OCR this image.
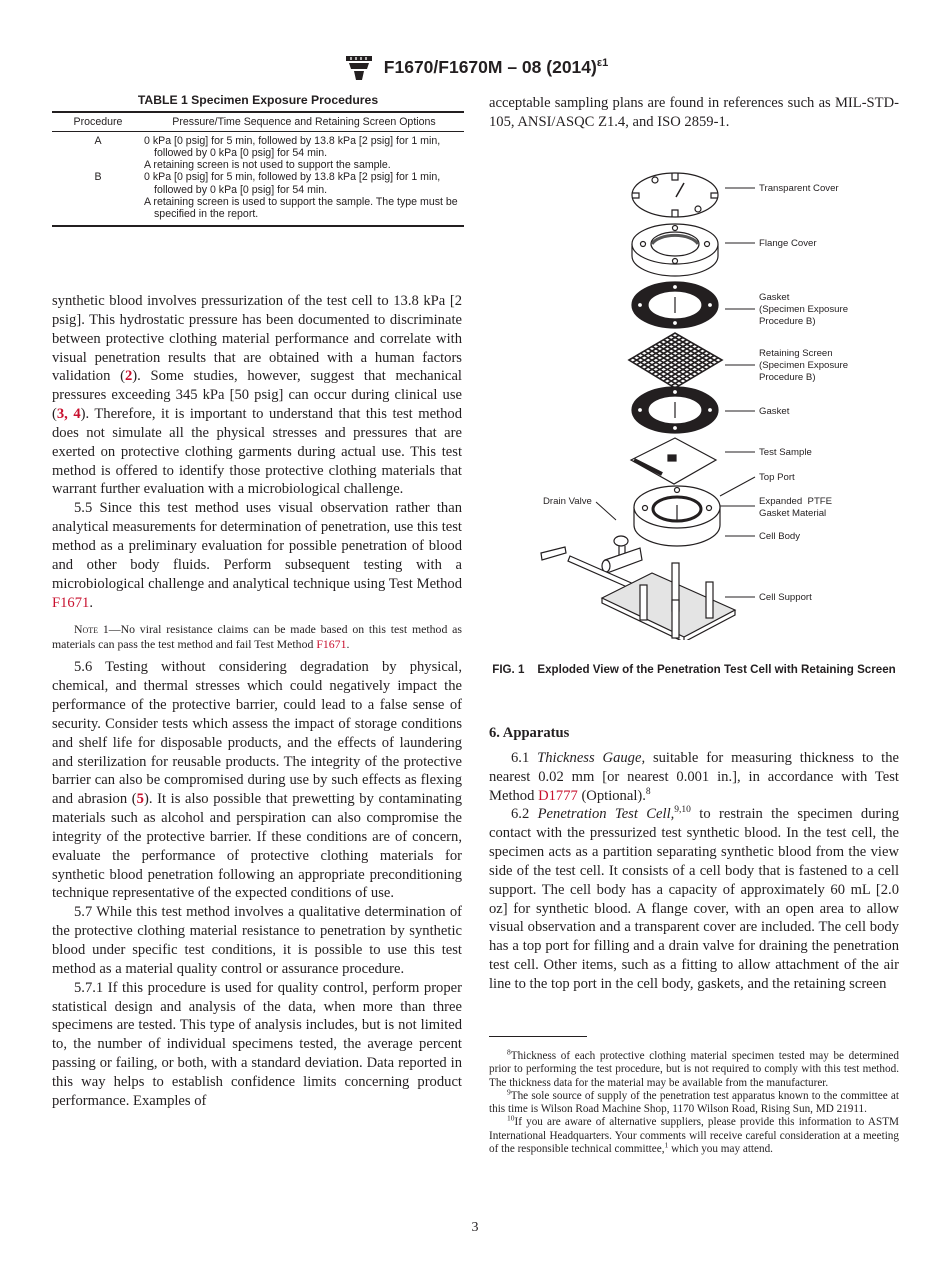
F1670/F1670M – 08 $(2014)^{\varepsilon 1}$
TABLE 1 Specimen Exposure Procedures
Procedure	Pressure/Time Sequence and Retaining Screen Options
A	0 kPa [0 psig] for 5 min, followed by 13.8 kPa [2 psig] for 1 min, followed by 0 kPa [0 psig] for 54 min.
A retaining screen is not used to support the sample.

B	0 kPa [0 psig] for 5 min, followed by 13.8 kPa [2 psig] for 1 min, followed by 0 kPa [0 psig] for 54 min.
A retaining screen is used to support the sample. The type must be specified in the report.

synthetic blood involves pressurization of the test cell to 13.8 kPa [2 psig]. This hydrostatic pressure has been documented to discriminate between protective clothing material performance and correlate with visual penetration results that are obtained with a human factors validation (2). Some studies, however, suggest that mechanical pressures exceeding 345 kPa [50 psig] can occur during clinical use (3, 4). Therefore, it is important to understand that this test method does not simulate all the physical stresses and pressures that are exerted on protective clothing garments during actual use. This test method is offered to identify those protective clothing materials that warrant further evaluation with a microbiological challenge.

5.5 Since this test method uses visual observation rather than analytical measurements for determination of penetration, use this test method as a preliminary evaluation for possible penetration of blood and other body fluids. Perform subsequent testing with a microbiological challenge and analytical technique using Test Method F1671.

Note 1—No viral resistance claims can be made based on this test method as materials can pass the test method and fail Test Method F1671.

5.6 Testing without considering degradation by physical, chemical, and thermal stresses which could negatively impact the performance of the protective barrier, could lead to a false sense of security. Consider tests which assess the impact of storage conditions and shelf life for disposable products, and the effects of laundering and sterilization for reusable products. The integrity of the protective barrier can also be compromised during use by such effects as flexing and abrasion (5). It is also possible that prewetting by contaminating materials such as alcohol and perspiration can also compromise the integrity of the protective barrier. If these conditions are of concern, evaluate the performance of protective clothing materials for synthetic blood penetration following an appropriate preconditioning technique representative of the expected conditions of use.

5.7 While this test method involves a qualitative determination of the protective clothing material resistance to penetration by synthetic blood under specific test conditions, it is possible to use this test method as a material quality control or assurance procedure.

5.7.1 If this procedure is used for quality control, perform proper statistical design and analysis of the data, when more than three specimens are tested. This type of analysis includes, but is not limited to, the number of individual specimens tested, the average percent passing or failing, or both, with a standard deviation. Data reported in this way helps to establish confidence limits concerning product performance. Examples of

acceptable sampling plans are found in references such as MIL-STD-105, ANSI/ASQC Z1.4, and ISO 2859-1.

Transparent Cover
Flange Cover
Gasket
(Specimen Exposure
Procedure B)
Retaining Screen
(Specimen Exposure
Procedure B)
Gasket
Test Sample
Top Port
Expanded  PTFE
Gasket Material
Cell Body
Cell Support
Drain Valve
FIG. 1 Exploded View of the Penetration Test Cell with Retaining Screen

6. Apparatus

6.1 Thickness Gauge, suitable for measuring thickness to the nearest 0.02 mm [or nearest 0.001 in.], in accordance with Test Method D1777 (Optional).$^8$

6.2 Penetration Test Cell,$^{9,10}$ to restrain the specimen during contact with the pressurized test synthetic blood. In the test cell, the specimen acts as a partition separating synthetic blood from the view side of the test cell. It consists of a cell body that is fastened to a cell support. The cell body has a capacity of approximately 60 mL [2.0 oz] for synthetic blood. A flange cover, with an open area to allow visual observation and a transparent cover are included. The cell body has a top port for filling and a drain valve for draining the penetration test cell. Other items, such as a fitting to allow attachment of the air line to the top port in the cell body, gaskets, and the retaining screen

$^8$Thickness of each protective clothing material specimen tested may be determined prior to performing the test procedure, but is not required to comply with this test method. The thickness data for the material may be available from the manufacturer.

$^9$The sole source of supply of the penetration test apparatus known to the committee at this time is Wilson Road Machine Shop, 1170 Wilson Road, Rising Sun, MD 21911.

$^{10}$If you are aware of alternative suppliers, please provide this information to ASTM International Headquarters. Your comments will receive careful consideration at a meeting of the responsible technical committee,$^1$ which you may attend.

3
